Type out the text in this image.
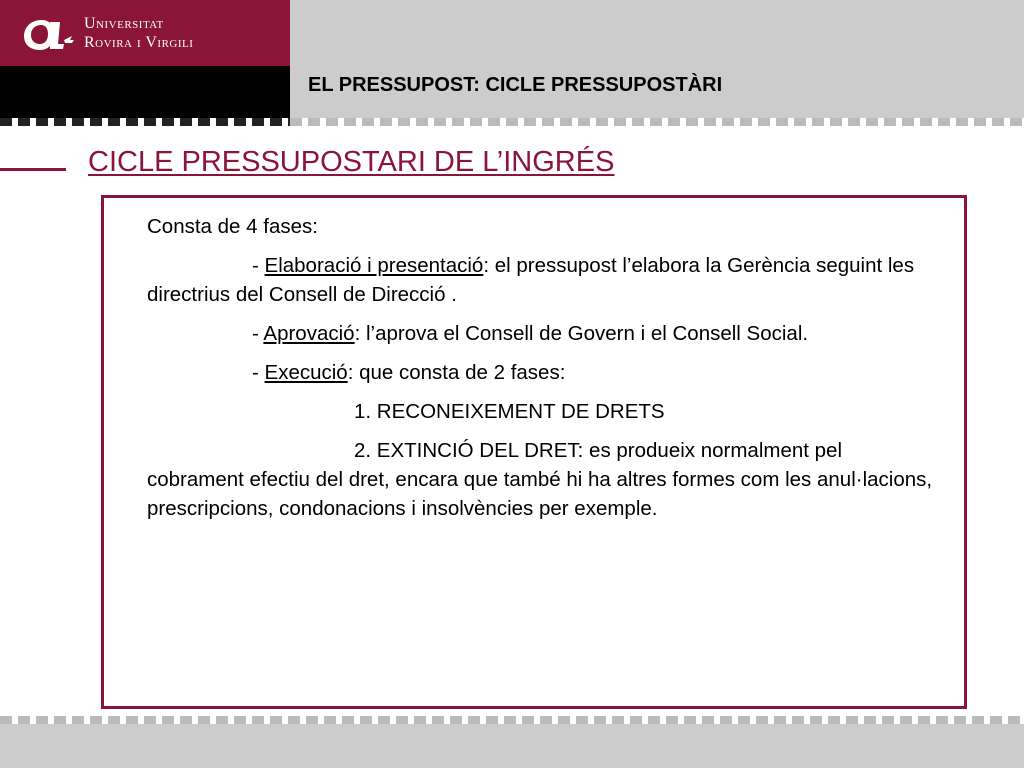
Universitat
Rovira i Virgili
EL PRESSUPOST: CICLE PRESSUPOSTÀRI
CICLE PRESSUPOSTARI DE L’INGRÉS

Consta de 4 fases:

- Elaboració i presentació: el pressupost l’elabora la Gerència seguint les directrius del Consell de Direcció .

- Aprovació: l’aprova el Consell de Govern i el Consell Social.

- Execució: que consta de 2 fases:

1. RECONEIXEMENT DE DRETS

2. EXTINCIÓ DEL DRET: es produeix normalment pel cobrament efectiu del dret, encara que també hi ha altres formes com les anul·lacions, prescripcions, condonacions i insolvències per exemple.
